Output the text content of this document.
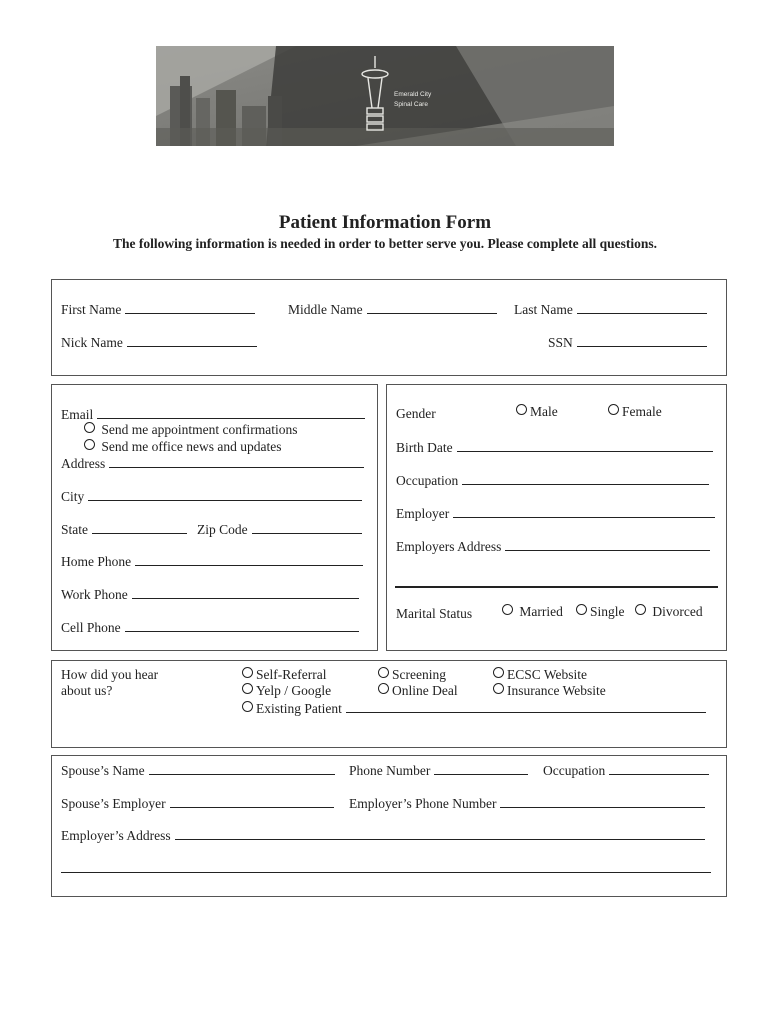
Emerald City
Spinal Care
Patient Information Form
The following information is needed in order to better serve you. Please complete all questions.
First Name	Middle Name	Last Name
Nick Name	SSN
Email
Send me appointment confirmations
Send me office news and updates
Address
City
State	Zip Code
Home Phone
Work Phone
Cell Phone
Gender	Male	Female
Birth Date
Occupation
Employer
Employers Address
Marital Status	Married	Single	Divorced
How did you hear
about us?
Self-Referral
Yelp / Google
Existing Patient
Screening
Online Deal
ECSC Website
Insurance Website
Spouse’s Name	Phone Number	Occupation
Spouse’s Employer	Employer’s Phone Number
Employer’s Address
